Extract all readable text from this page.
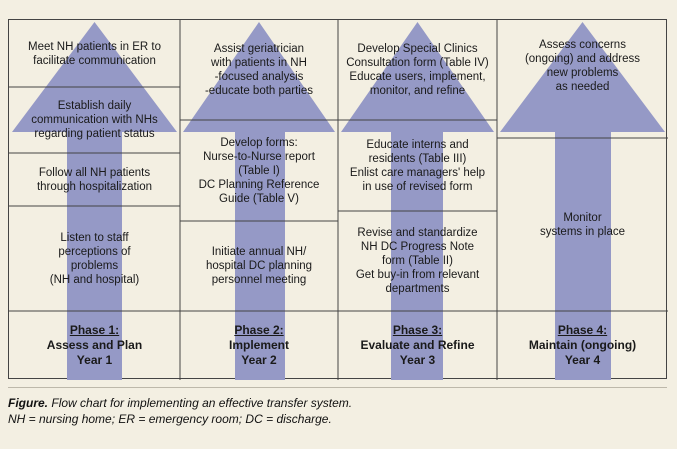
Meet NH patients in ER to
facilitate communication
Establish daily
communication with NHs
regarding patient status
Follow all NH patients
through hospitalization
Listen to staff
perceptions of
problems
(NH and hospital)
Phase 1:
Assess and Plan
Year 1
Assist geriatrician
with patients in NH
-focused analysis
-educate both parties
Develop forms:
Nurse-to-Nurse report
(Table I)
DC Planning Reference
Guide (Table V)
Initiate annual NH/
hospital DC planning
personnel meeting
Phase 2:
Implement
Year 2
Develop Special Clinics
Consultation form (Table IV)
Educate users, implement,
monitor, and refine
Educate interns and
residents (Table III)
Enlist care managers' help
in use of revised form
Revise and standardize
NH DC Progress Note
form (Table II)
Get buy-in from relevant
departments
Phase 3:
Evaluate and Refine
Year 3
Assess concerns
(ongoing) and address
new problems
as needed
Monitor
systems in place
Phase 4:
Maintain (ongoing)
Year 4
Figure. Flow chart for implementing an effective transfer system.
NH = nursing home; ER = emergency room; DC = discharge.
